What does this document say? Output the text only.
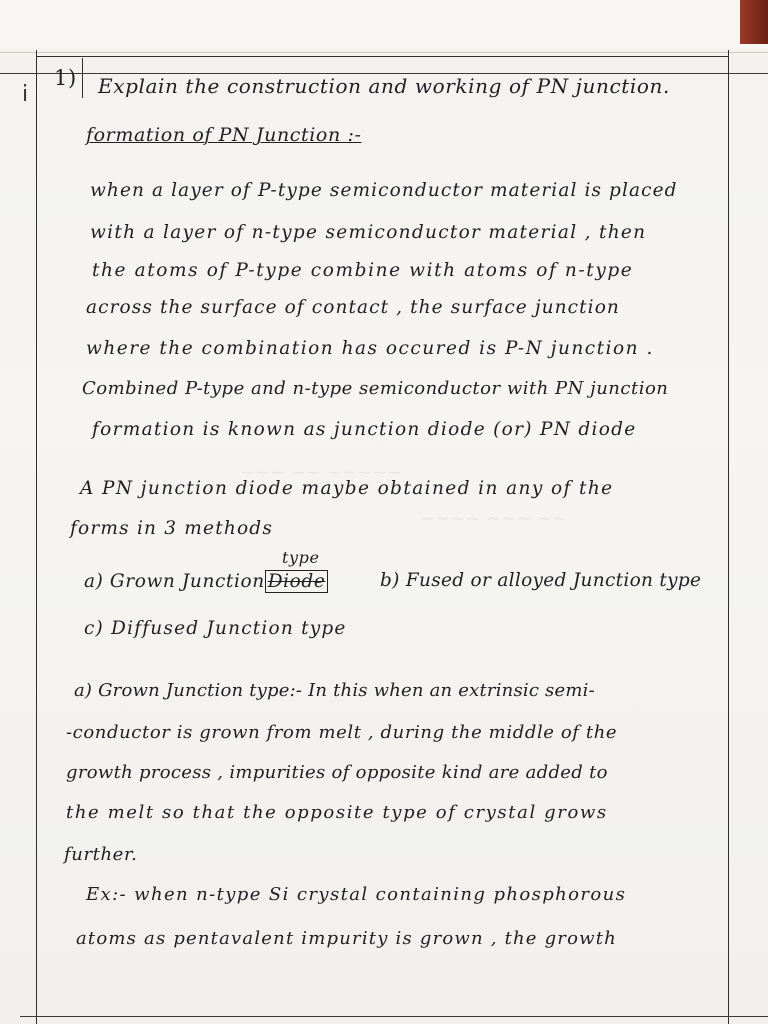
ⅰ
~~~ ~~ ~~~~~
~~~~ ~~~ ~~
1) Explain the construction and working of PN junction.
formation of PN Junction :-
when a layer of P-type semiconductor material is placed
with a layer of n-type semiconductor material , then
the atoms of P-type combine with atoms of n-type
across the surface of contact , the surface junction
where the combination has occured is P-N junction .
Combined P-type and n-type semiconductor with PN junction
formation is known as junction diode (or) PN diode
A PN junction diode maybe obtained in any of the
forms in 3 methods
type
a) Grown Junction Diode	b) Fused or alloyed Junction type
c) Diffused Junction type
a) Grown Junction type:- In this when an extrinsic semi-
-conductor is grown from melt , during the middle of the
growth process , impurities of opposite kind are added to
the melt so that the opposite type of crystal grows
further.
Ex:- when n-type Si crystal containing phosphorous
atoms as pentavalent impurity is grown , the growth
